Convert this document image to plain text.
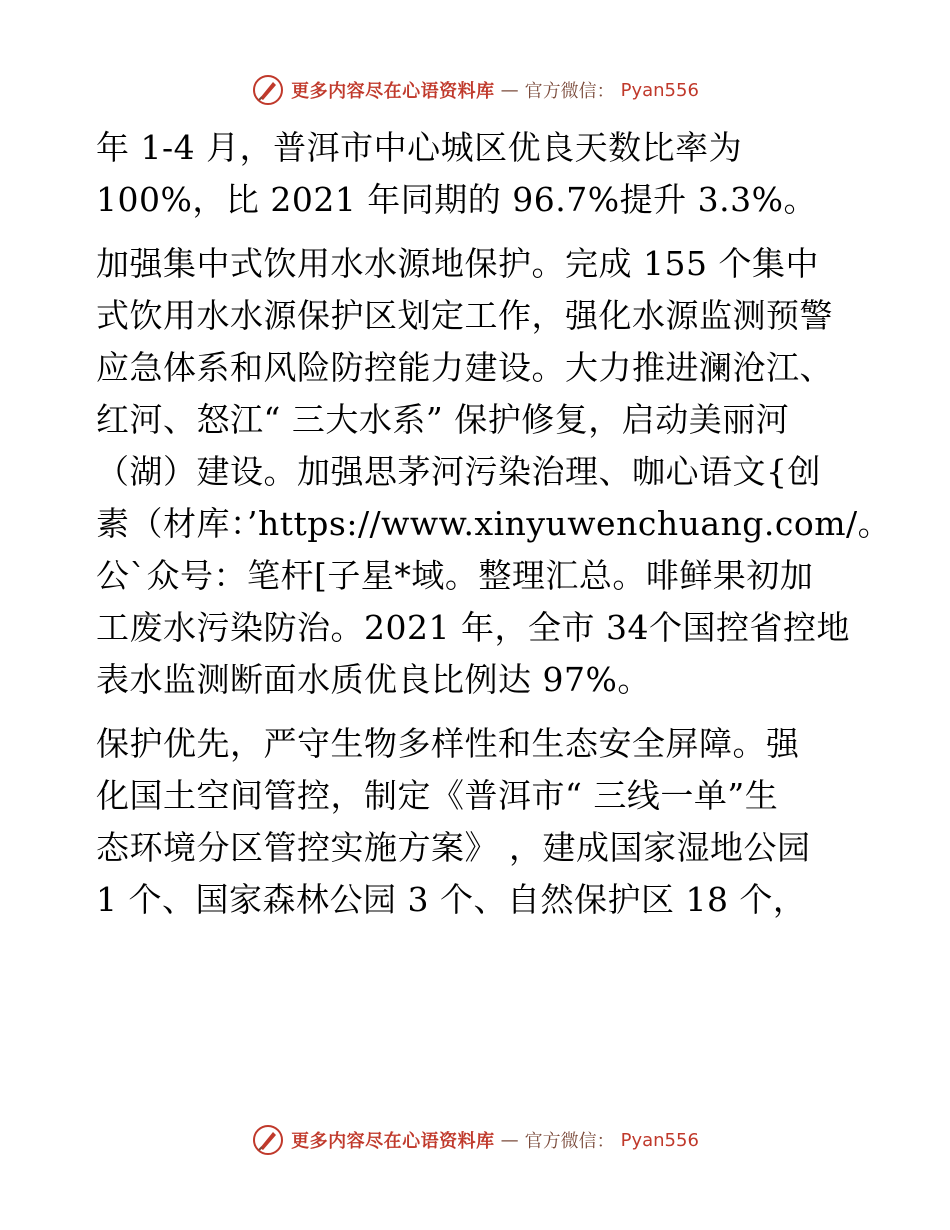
更多内容尽在心语资料库 — 官方微信： Pyan556

年 1-4 月，普洱市中心城区优良天数比率为
100%，比 2021 年同期的 96.7%提升 3.3%。

加强集中式饮用水水源地保护。完成 155 个集中
式饮用水水源保护区划定工作，强化水源监测预警
应急体系和风险防控能力建设。大力推进澜沧江、
红河、怒江“ 三大水系” 保护修复，启动美丽河
（湖）建设。加强思茅河污染治理、咖心语文{创
素（材库：’https://www.xinyuwenchuang.com/。
公`众号：笔杆[子星*域。整理汇总。啡鲜果初加
工废水污染防治。2021 年，全市 34个国控省控地
表水监测断面水质优良比例达 97%。

保护优先，严守生物多样性和生态安全屏障。强
化国土空间管控，制定《普洱市“ 三线一单”生
态环境分区管控实施方案》 ，建成国家湿地公园
1 个、国家森林公园 3 个、自然保护区 18 个，

更多内容尽在心语资料库 — 官方微信： Pyan556
